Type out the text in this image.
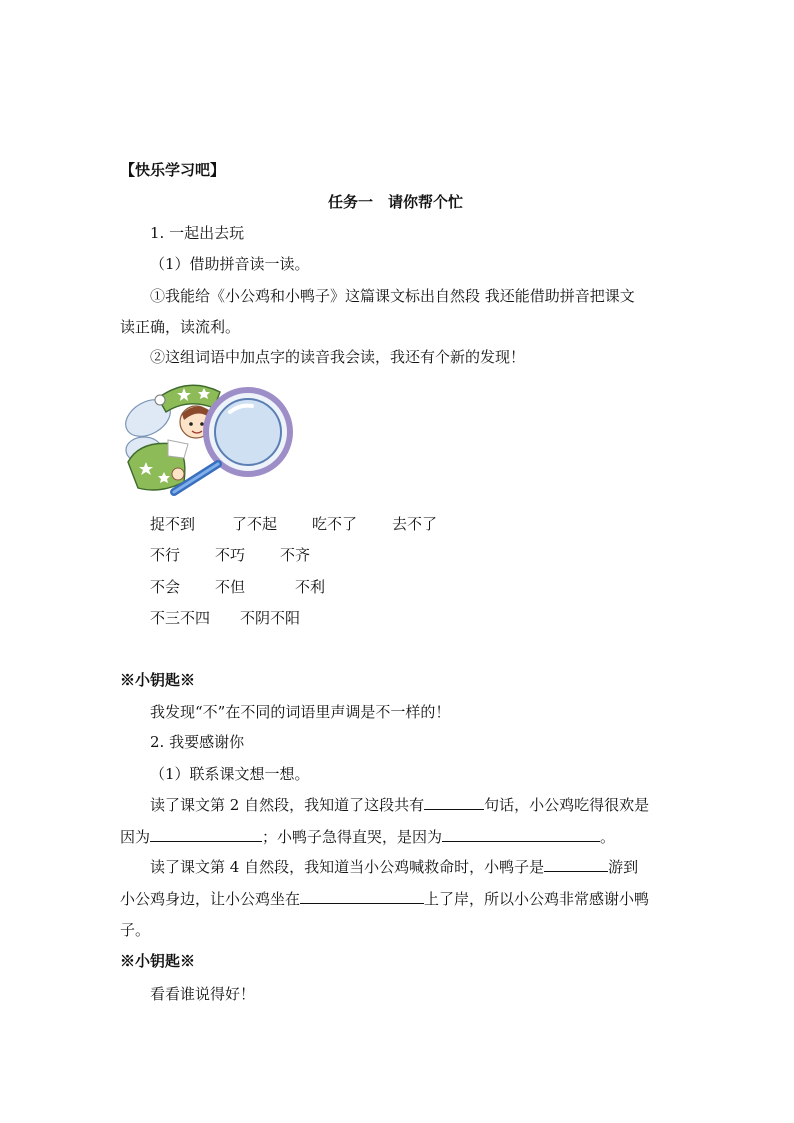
【快乐学习吧】
任务一　请你帮个忙
1. 一起出去玩
（1）借助拼音读一读。
①我能给《小公鸡和小鸭子》这篇课文标出自然段 我还能借助拼音把课文
读正确，读流利。
②这组词语中加点字的读音我会读，我还有个新的发现！
捉不到 了不起 吃不了 去不了
不行 不巧 不齐
不会 不但	不利
不三不四 不阴不阳
※小钥匙※
我发现“不”在不同的词语里声调是不一样的！
2. 我要感谢你
（1）联系课文想一想。
读了课文第 2 自然段，我知道了这段共有	句话，小公鸡吃得很欢是
因为	；小鸭子急得直哭，是因为	。
读了课文第 4 自然段，我知道当小公鸡喊救命时，小鸭子是	游到
小公鸡身边，让小公鸡坐在	上了岸，所以小公鸡非常感谢小鸭
子。
※小钥匙※
看看谁说得好！
